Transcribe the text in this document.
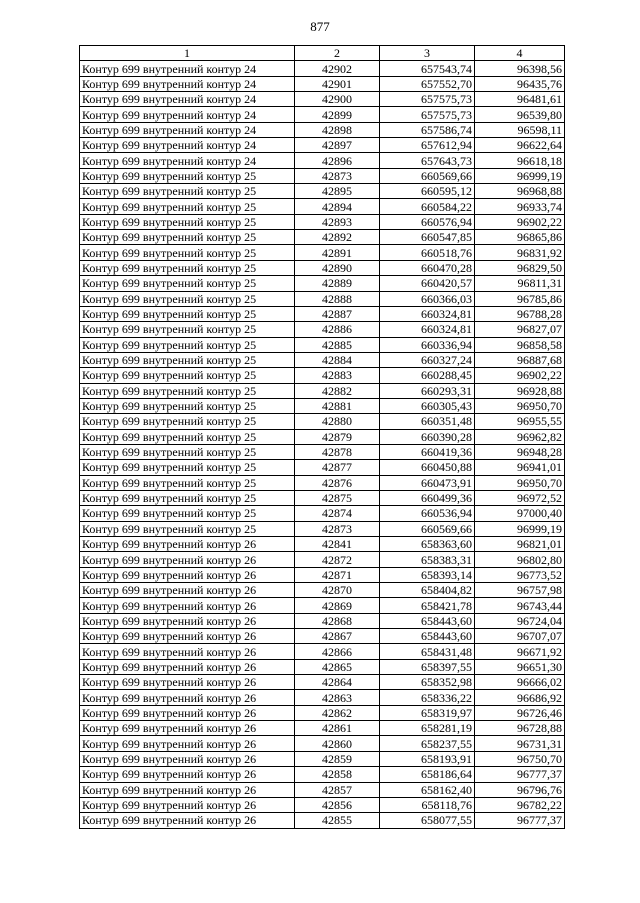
877
1	2	3	4
Контур 699 внутренний контур 24	42902	657543,74	96398,56
Контур 699 внутренний контур 24	42901	657552,70	96435,76
Контур 699 внутренний контур 24	42900	657575,73	96481,61
Контур 699 внутренний контур 24	42899	657575,73	96539,80
Контур 699 внутренний контур 24	42898	657586,74	96598,11
Контур 699 внутренний контур 24	42897	657612,94	96622,64
Контур 699 внутренний контур 24	42896	657643,73	96618,18
Контур 699 внутренний контур 25	42873	660569,66	96999,19
Контур 699 внутренний контур 25	42895	660595,12	96968,88
Контур 699 внутренний контур 25	42894	660584,22	96933,74
Контур 699 внутренний контур 25	42893	660576,94	96902,22
Контур 699 внутренний контур 25	42892	660547,85	96865,86
Контур 699 внутренний контур 25	42891	660518,76	96831,92
Контур 699 внутренний контур 25	42890	660470,28	96829,50
Контур 699 внутренний контур 25	42889	660420,57	96811,31
Контур 699 внутренний контур 25	42888	660366,03	96785,86
Контур 699 внутренний контур 25	42887	660324,81	96788,28
Контур 699 внутренний контур 25	42886	660324,81	96827,07
Контур 699 внутренний контур 25	42885	660336,94	96858,58
Контур 699 внутренний контур 25	42884	660327,24	96887,68
Контур 699 внутренний контур 25	42883	660288,45	96902,22
Контур 699 внутренний контур 25	42882	660293,31	96928,88
Контур 699 внутренний контур 25	42881	660305,43	96950,70
Контур 699 внутренний контур 25	42880	660351,48	96955,55
Контур 699 внутренний контур 25	42879	660390,28	96962,82
Контур 699 внутренний контур 25	42878	660419,36	96948,28
Контур 699 внутренний контур 25	42877	660450,88	96941,01
Контур 699 внутренний контур 25	42876	660473,91	96950,70
Контур 699 внутренний контур 25	42875	660499,36	96972,52
Контур 699 внутренний контур 25	42874	660536,94	97000,40
Контур 699 внутренний контур 25	42873	660569,66	96999,19
Контур 699 внутренний контур 26	42841	658363,60	96821,01
Контур 699 внутренний контур 26	42872	658383,31	96802,80
Контур 699 внутренний контур 26	42871	658393,14	96773,52
Контур 699 внутренний контур 26	42870	658404,82	96757,98
Контур 699 внутренний контур 26	42869	658421,78	96743,44
Контур 699 внутренний контур 26	42868	658443,60	96724,04
Контур 699 внутренний контур 26	42867	658443,60	96707,07
Контур 699 внутренний контур 26	42866	658431,48	96671,92
Контур 699 внутренний контур 26	42865	658397,55	96651,30
Контур 699 внутренний контур 26	42864	658352,98	96666,02
Контур 699 внутренний контур 26	42863	658336,22	96686,92
Контур 699 внутренний контур 26	42862	658319,97	96726,46
Контур 699 внутренний контур 26	42861	658281,19	96728,88
Контур 699 внутренний контур 26	42860	658237,55	96731,31
Контур 699 внутренний контур 26	42859	658193,91	96750,70
Контур 699 внутренний контур 26	42858	658186,64	96777,37
Контур 699 внутренний контур 26	42857	658162,40	96796,76
Контур 699 внутренний контур 26	42856	658118,76	96782,22
Контур 699 внутренний контур 26	42855	658077,55	96777,37
